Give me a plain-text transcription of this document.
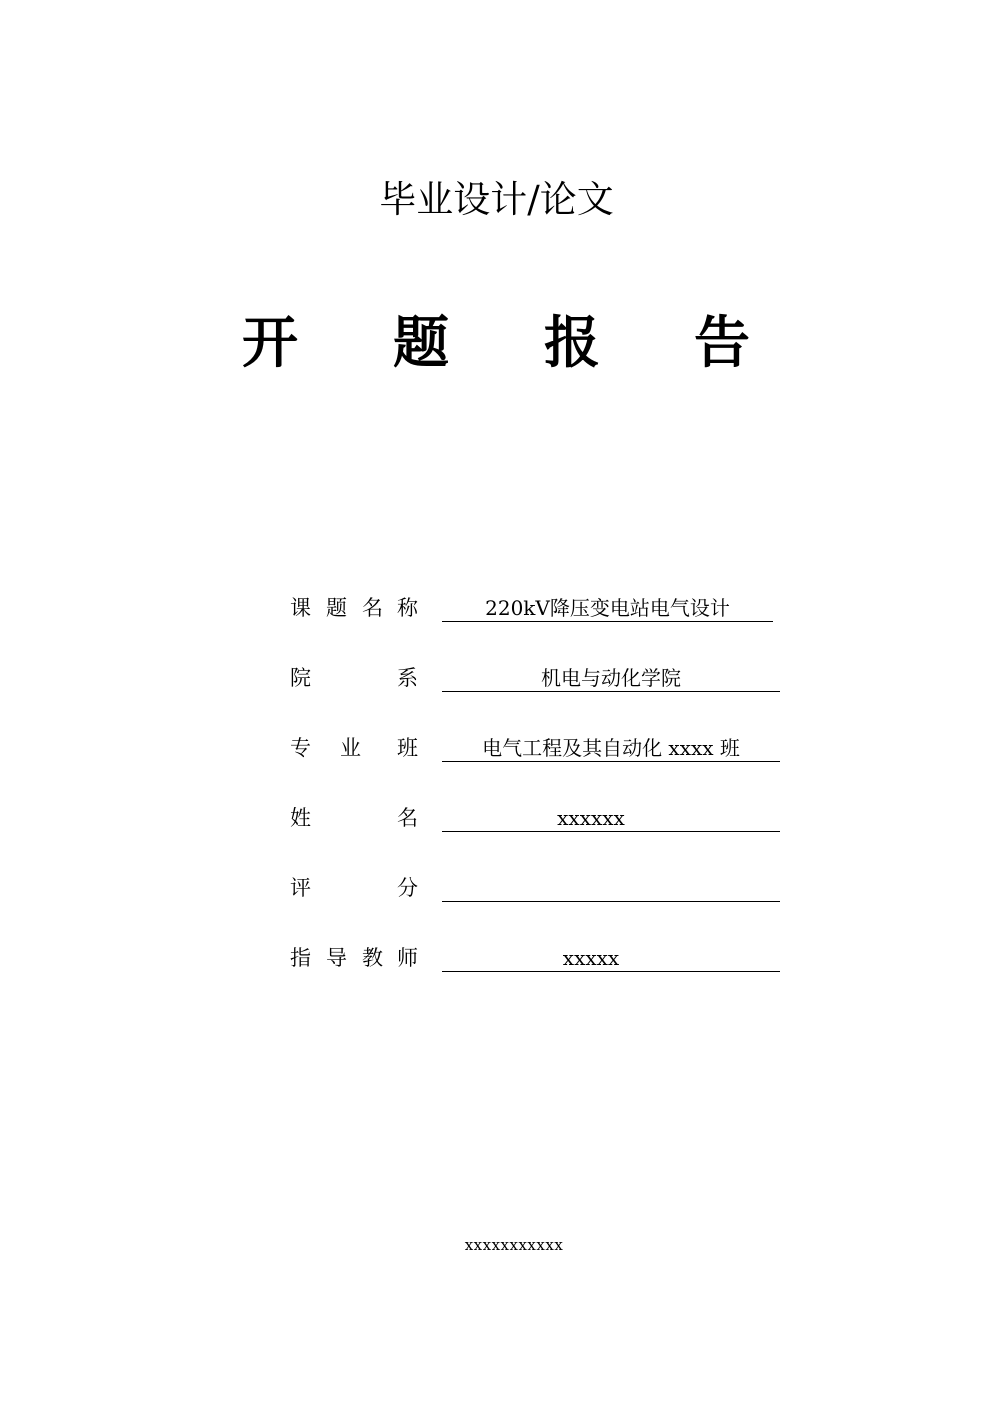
毕业设计/论文
开 题 报 告
课 题 名 称	220kV降压变电站电气设计
院	系	机电与动化学院
专 业 班	电气工程及其自动化 xxxx 班
姓	名	xxxxxx
评	分
指 导 教 师	xxxxx
xxxxxxxxxxx
